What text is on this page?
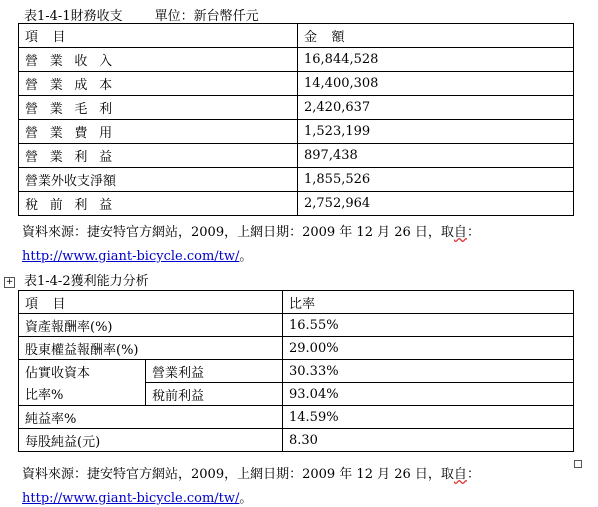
表1-4-1財務收支 單位：新台幣仟元
項 目	金 額
營業收入	16,844,528
營業成本	14,400,308
營業毛利	2,420,637
營業費用	1,523,199
營業利益	897,438
營業外收支淨額	1,855,526
稅前利益	2,752,964
資料來源：捷安特官方網站，2009，上網日期：2009 年 12 月 26 日，取自：
http://www.giant-bicycle.com/tw/。
+ 表1-4-2獲利能力分析
項 目		比率
資產報酬率(%)		16.55%
股東權益報酬率(%)		29.00%
佔實收資本	營業利益	30.33%
比率%	稅前利益	93.04%
純益率%		14.59%
每股純益(元)		8.30
資料來源：捷安特官方網站，2009，上網日期：2009 年 12 月 26 日，取自：
http://www.giant-bicycle.com/tw/。
